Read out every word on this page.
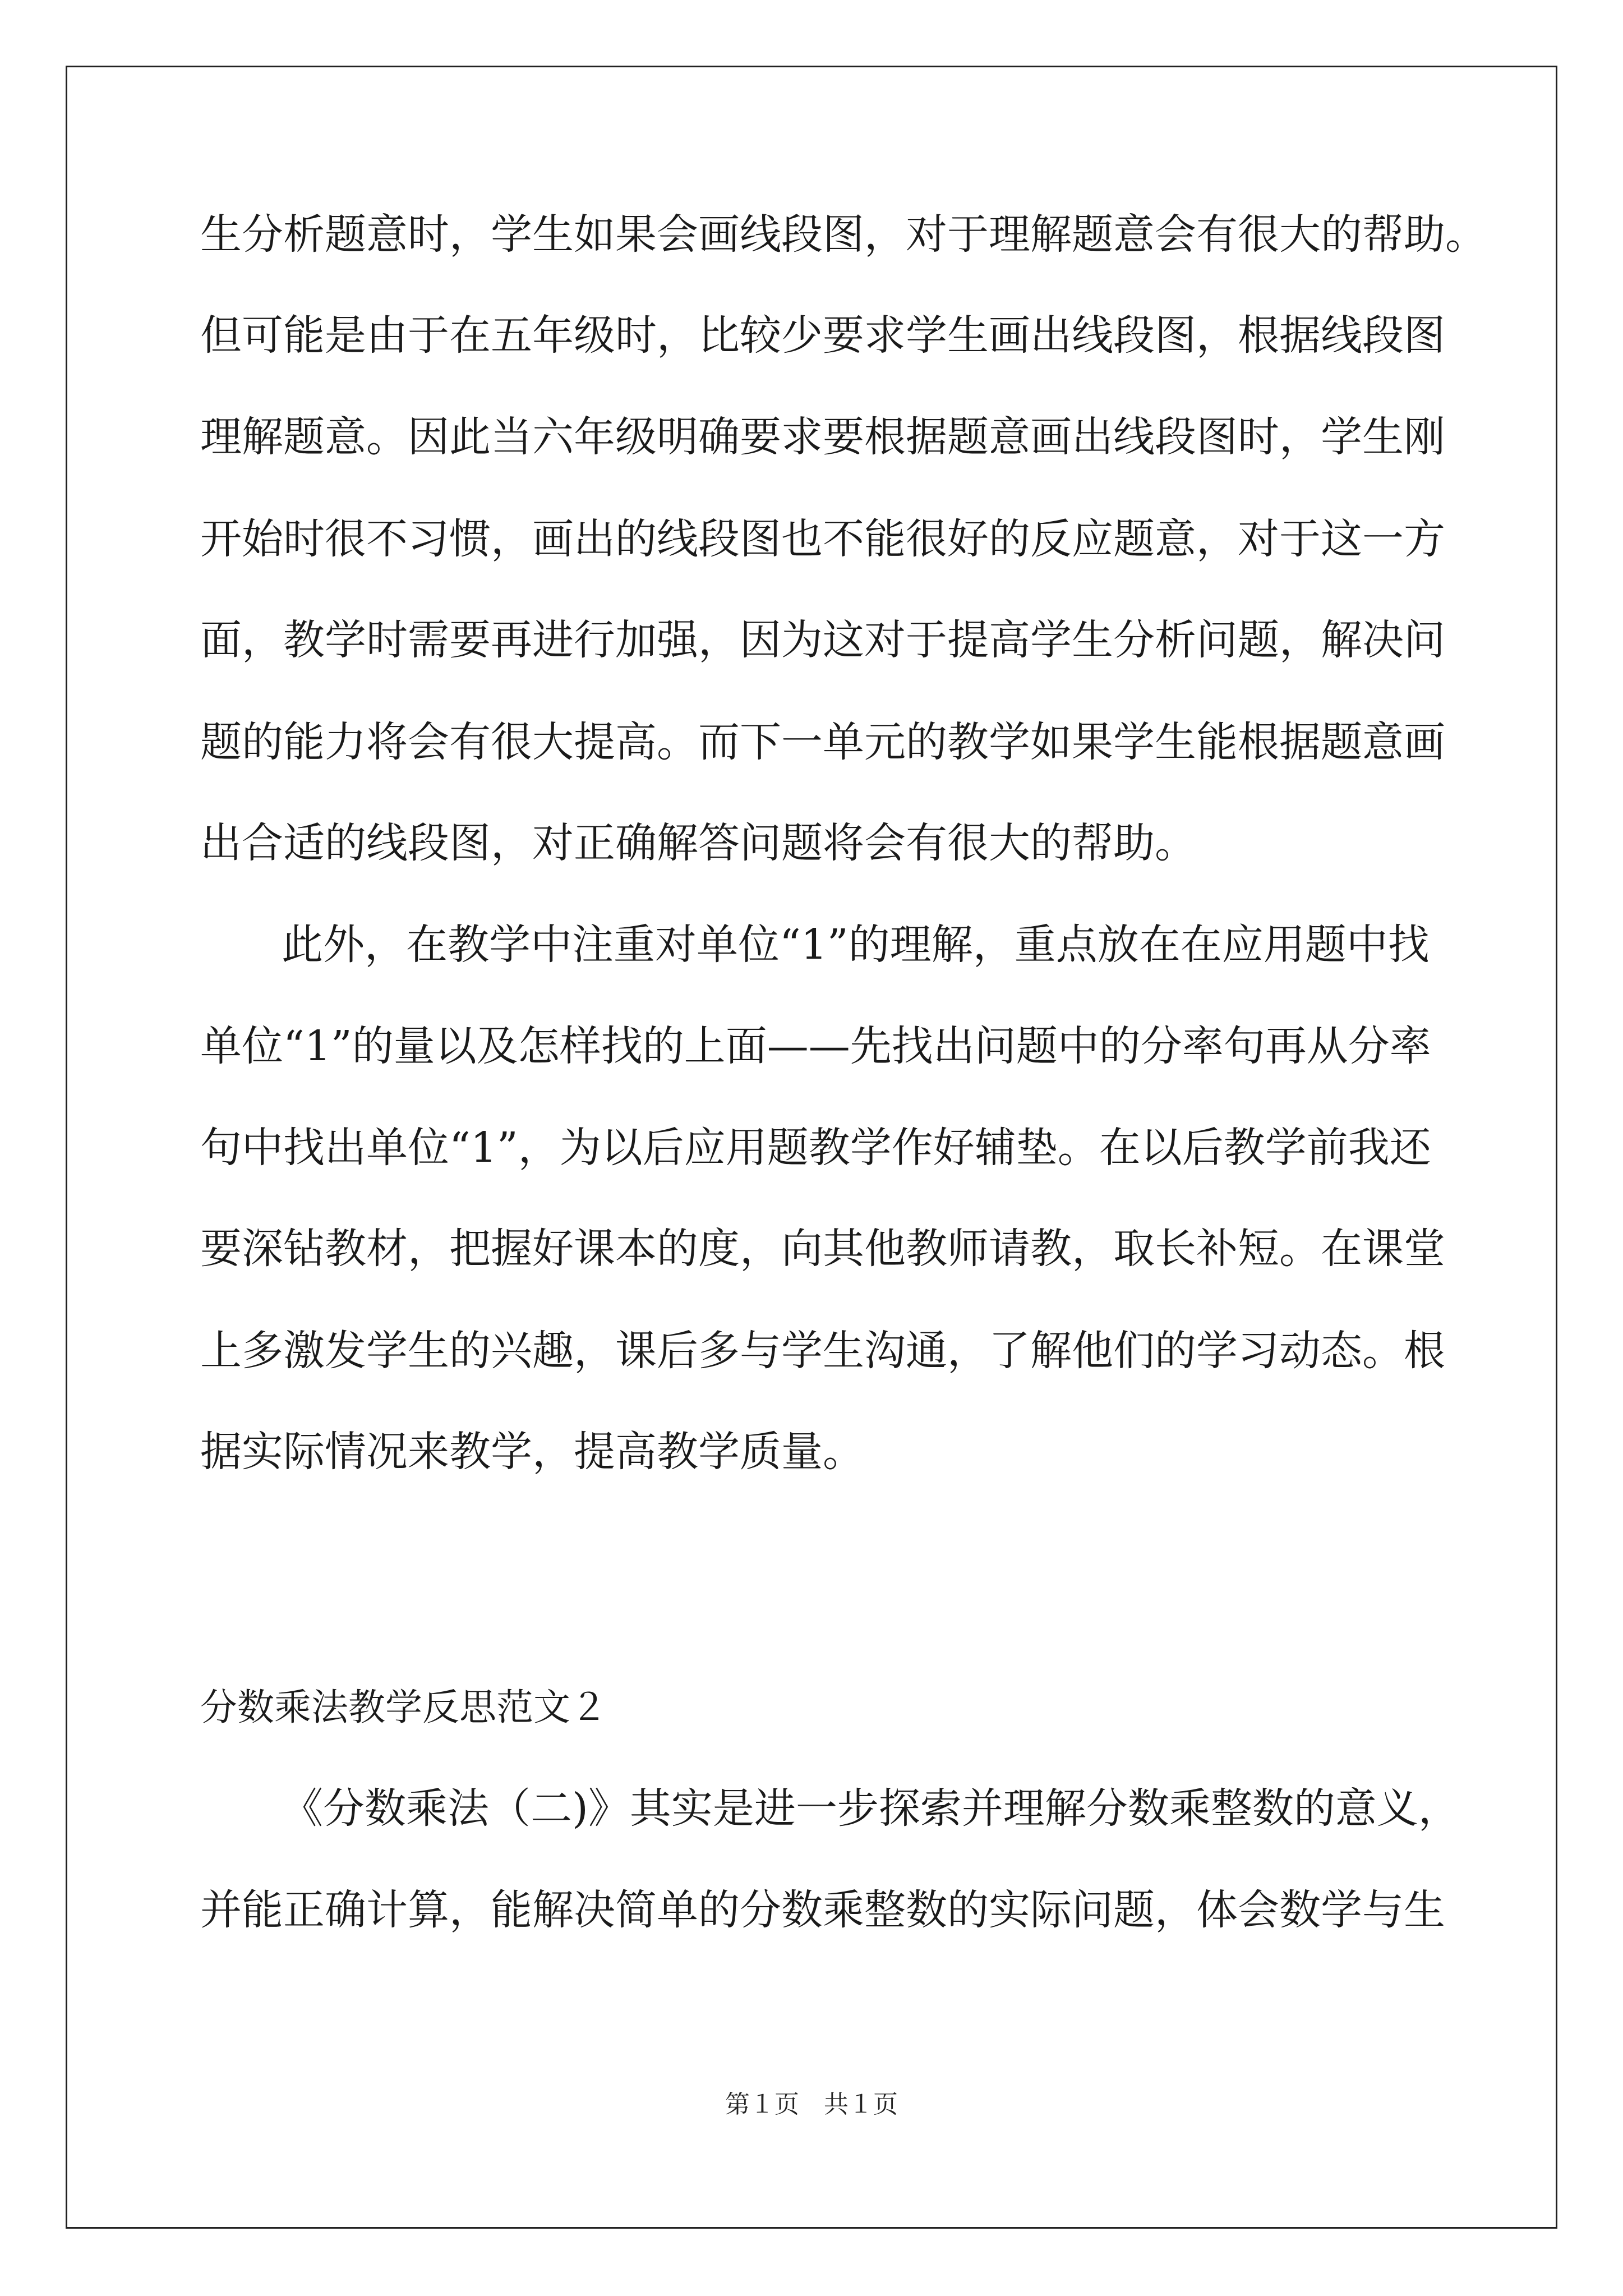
生分析题意时，学生如果会画线段图，对于理解题意会有很大的帮助。
但可能是由于在五年级时，比较少要求学生画出线段图，根据线段图
理解题意。因此当六年级明确要求要根据题意画出线段图时，学生刚
开始时很不习惯，画出的线段图也不能很好的反应题意，对于这一方
面，教学时需要再进行加强，因为这对于提高学生分析问题，解决问
题的能力将会有很大提高。而下一单元的教学如果学生能根据题意画
出合适的线段图，对正确解答问题将会有很大的帮助。
此外，在教学中注重对单位“1”的理解，重点放在在应用题中找
单位“1”的量以及怎样找的上面——先找出问题中的分率句再从分率
句中找出单位“1”，为以后应用题教学作好辅垫。在以后教学前我还
要深钻教材，把握好课本的度，向其他教师请教，取长补短。在课堂
上多激发学生的兴趣，课后多与学生沟通，了解他们的学习动态。根
据实际情况来教学，提高教学质量。
分数乘法教学反思范文２
《分数乘法（二)》其实是进一步探索并理解分数乘整数的意义，
并能正确计算，能解决简单的分数乘整数的实际问题，体会数学与生
第１页　共１页
